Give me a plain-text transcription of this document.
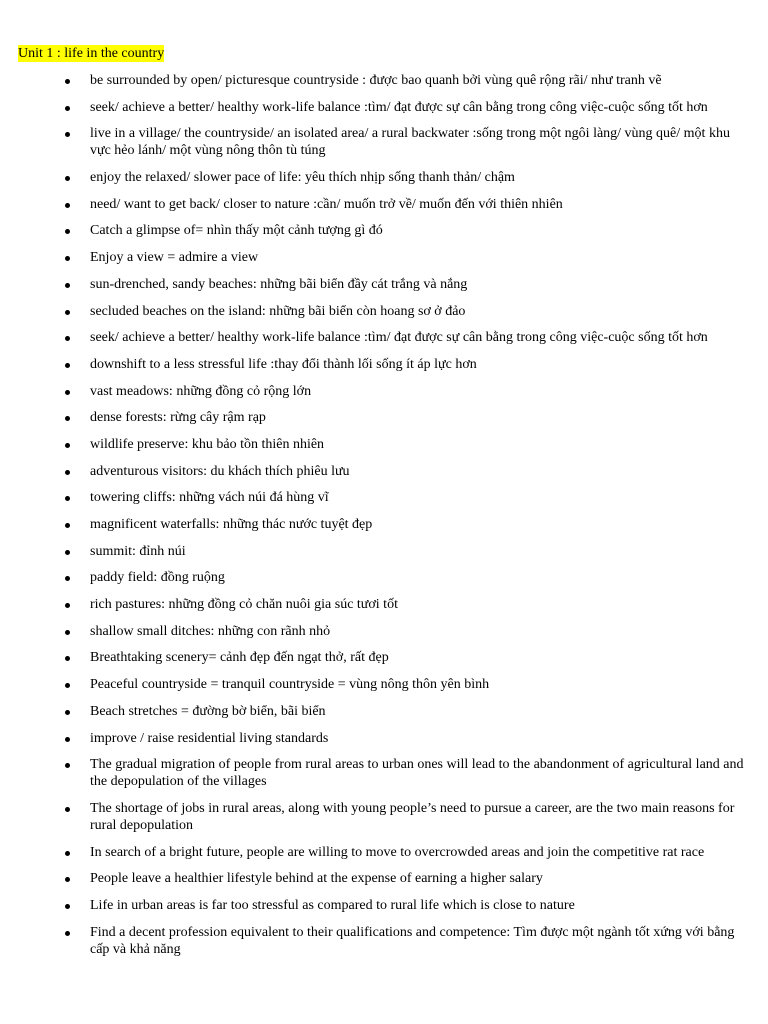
Unit 1 : life in the country
be surrounded by open/ picturesque countryside : được bao quanh bởi vùng quê rộng rãi/ như tranh vẽ
seek/ achieve a better/ healthy work-life balance :tìm/ đạt được sự cân bằng trong công việc-cuộc sống tốt hơn
live in a village/ the countryside/ an isolated area/ a rural backwater :sống trong một ngôi làng/ vùng quê/ một khu vực hẻo lánh/ một vùng nông thôn tù túng
enjoy the relaxed/ slower pace of life: yêu thích nhịp sống thanh thản/ chậm
need/ want to get back/ closer to nature :cần/ muốn trở về/ muốn đến với thiên nhiên
Catch a glimpse of= nhìn thấy một cảnh tượng gì đó
Enjoy a view = admire a view
sun-drenched, sandy beaches: những bãi biển đầy cát trắng và nắng
secluded beaches on the island: những bãi biển còn hoang sơ ở đảo
seek/ achieve a better/ healthy work-life balance :tìm/ đạt được sự cân bằng trong công việc-cuộc sống tốt hơn
downshift to a less stressful life :thay đổi thành lối sống ít áp lực hơn
vast meadows: những đồng cỏ rộng lớn
dense forests: rừng cây rậm rạp
wildlife preserve: khu bảo tồn thiên nhiên
adventurous visitors: du khách thích phiêu lưu
towering cliffs: những vách núi đá hùng vĩ
magnificent waterfalls: những thác nước tuyệt đẹp
summit: đỉnh núi
paddy field: đồng ruộng
rich pastures: những đồng cỏ chăn nuôi gia súc tươi tốt
shallow small ditches: những con rãnh nhỏ
Breathtaking scenery= cảnh đẹp đến ngạt thở, rất đẹp
Peaceful countryside = tranquil countryside = vùng nông thôn yên bình
Beach stretches = đường bờ biển, bãi biển
improve / raise residential living standards
The gradual migration of people from rural areas to urban ones will lead to the abandonment of agricultural land and the depopulation of the villages
The shortage of jobs in rural areas, along with young people’s need to pursue a career, are the two main reasons for rural depopulation
In search of a bright future, people are willing to move to overcrowded areas and join the competitive rat race
People leave a healthier lifestyle behind at the expense of earning a higher salary
Life in urban areas is far too stressful as compared to rural life which is close to nature
Find a decent profession equivalent to their qualifications and competence: Tìm được một ngành tốt xứng với bằng cấp và khả năng
